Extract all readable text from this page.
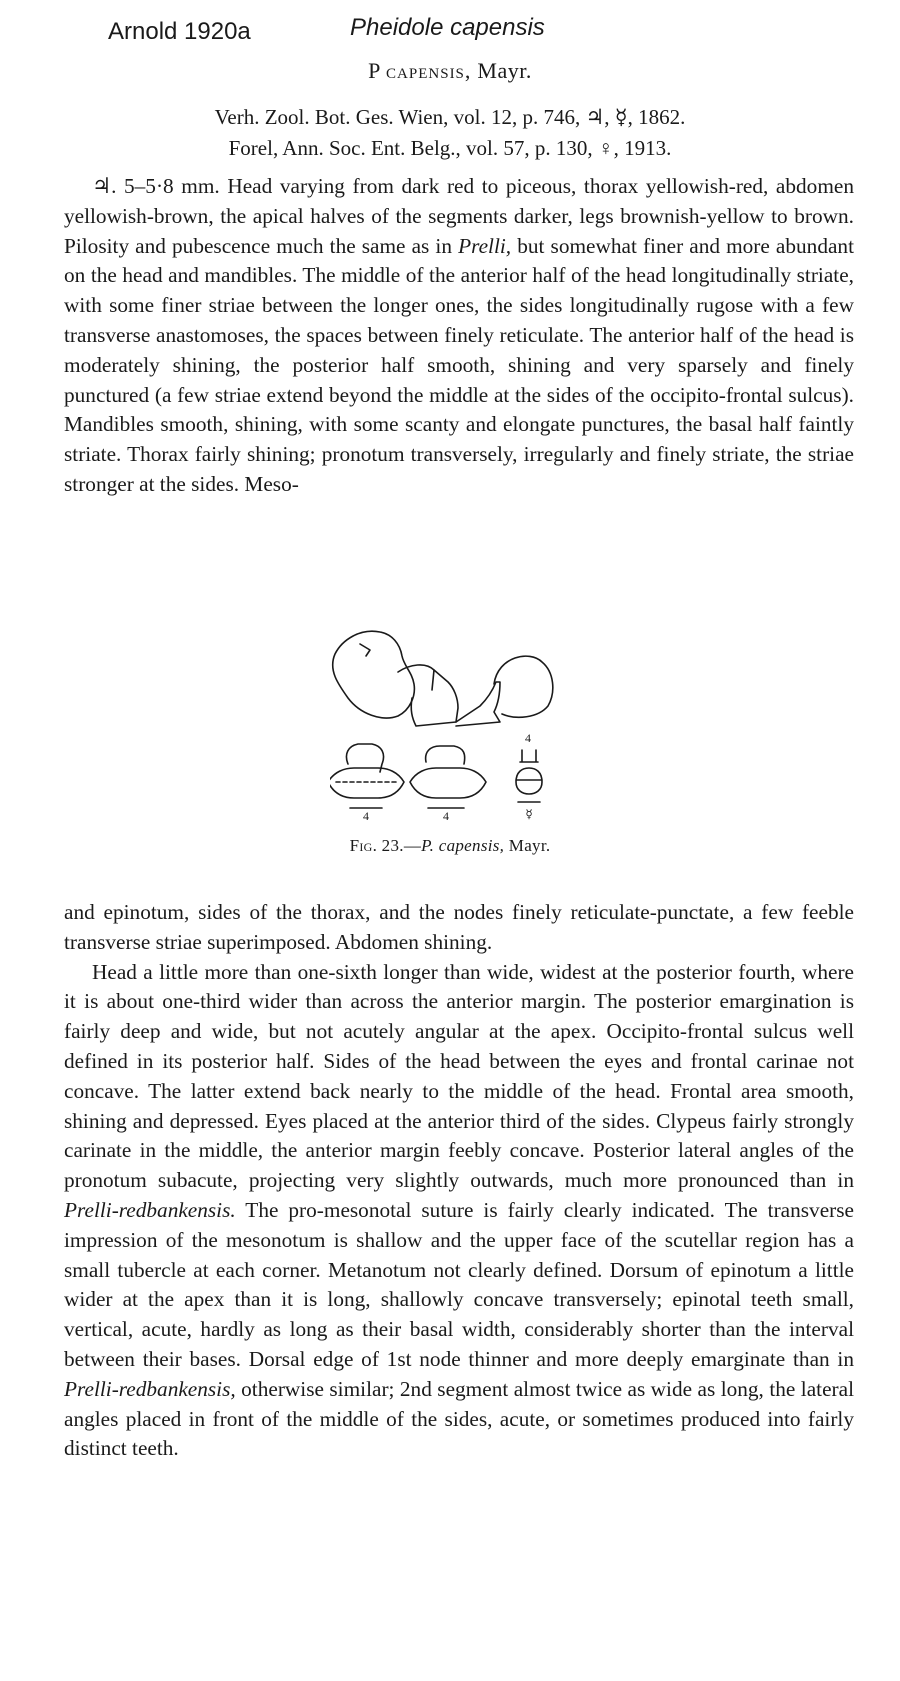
Arnold 1920a	Pheidole capensis
P capensis, Mayr.
Verh. Zool. Bot. Ges. Wien, vol. 12, p. 746, ♃, ☿, 1862.
Forel, Ann. Soc. Ent. Belg., vol. 57, p. 130, ♀, 1913.

♃. 5–5·8 mm. Head varying from dark red to piceous, thorax yellowish-red, abdomen yellowish-brown, the apical halves of the segments darker, legs brownish-yellow to brown. Pilosity and pubescence much the same as in Prelli, but somewhat finer and more abundant on the head and mandibles. The middle of the anterior half of the head longitudinally striate, with some finer striae between the longer ones, the sides longitudinally rugose with a few transverse anastomoses, the spaces between finely reticulate. The anterior half of the head is moderately shining, the posterior half smooth, shining and very sparsely and finely punctured (a few striae extend beyond the middle at the sides of the occipito-frontal sulcus). Mandibles smooth, shining, with some scanty and elongate punctures, the basal half faintly striate. Thorax fairly shining; pronotum transversely, irregularly and finely striate, the striae stronger at the sides. Meso-

4
4	4	☿
Fig. 23.—P. capensis, Mayr.

and epinotum, sides of the thorax, and the nodes finely reticulate-punctate, a few feeble transverse striae superimposed. Abdomen shining.

Head a little more than one-sixth longer than wide, widest at the posterior fourth, where it is about one-third wider than across the anterior margin. The posterior emargination is fairly deep and wide, but not acutely angular at the apex. Occipito-frontal sulcus well defined in its posterior half. Sides of the head between the eyes and frontal carinae not concave. The latter extend back nearly to the middle of the head. Frontal area smooth, shining and depressed. Eyes placed at the anterior third of the sides. Clypeus fairly strongly carinate in the middle, the anterior margin feebly concave. Posterior lateral angles of the pronotum subacute, projecting very slightly outwards, much more pronounced than in Prelli-redbankensis. The pro-mesonotal suture is fairly clearly indicated. The transverse impression of the mesonotum is shallow and the upper face of the scutellar region has a small tubercle at each corner. Metanotum not clearly defined. Dorsum of epinotum a little wider at the apex than it is long, shallowly concave transversely; epinotal teeth small, vertical, acute, hardly as long as their basal width, considerably shorter than the interval between their bases. Dorsal edge of 1st node thinner and more deeply emarginate than in Prelli-redbankensis, otherwise similar; 2nd segment almost twice as wide as long, the lateral angles placed in front of the middle of the sides, acute, or sometimes produced into fairly distinct teeth.
